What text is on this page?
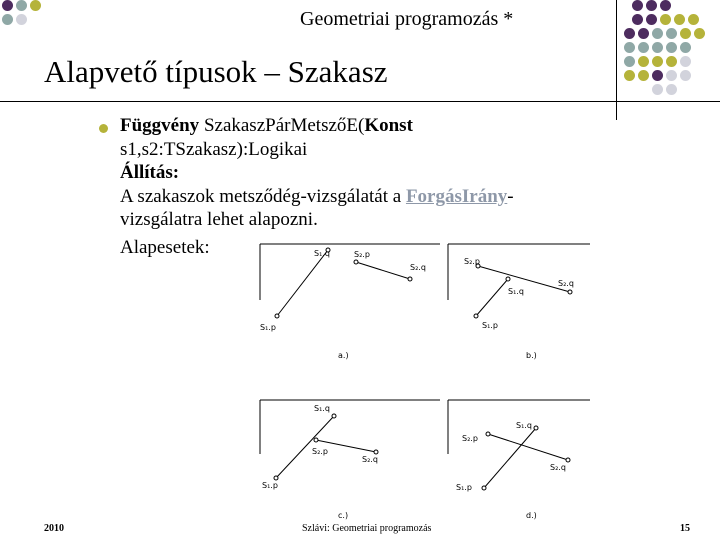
Geometriai programozás *
Alapvető típusok – Szakasz
Függvény SzakaszPárMetszőE(Konst
s1,s2:TSzakasz):Logikai
Állítás:
A szakaszok metsződég-vizsgálatát a ForgásIrány-
vizsgálatra lehet alapozni.
Alapesetek:	S₁.q	S₂.p
S₂.q
S₁.p
a.)
S₂.p
S₂.q
S₁.q
S₁.p
b.)
S₁.q
S₂.p
S₂.q
S₁.p
c.)
S₁.q
S₂.p
S₂.q
S₁.p
d.)
2010	Szlávi: Geometriai programozás	15
